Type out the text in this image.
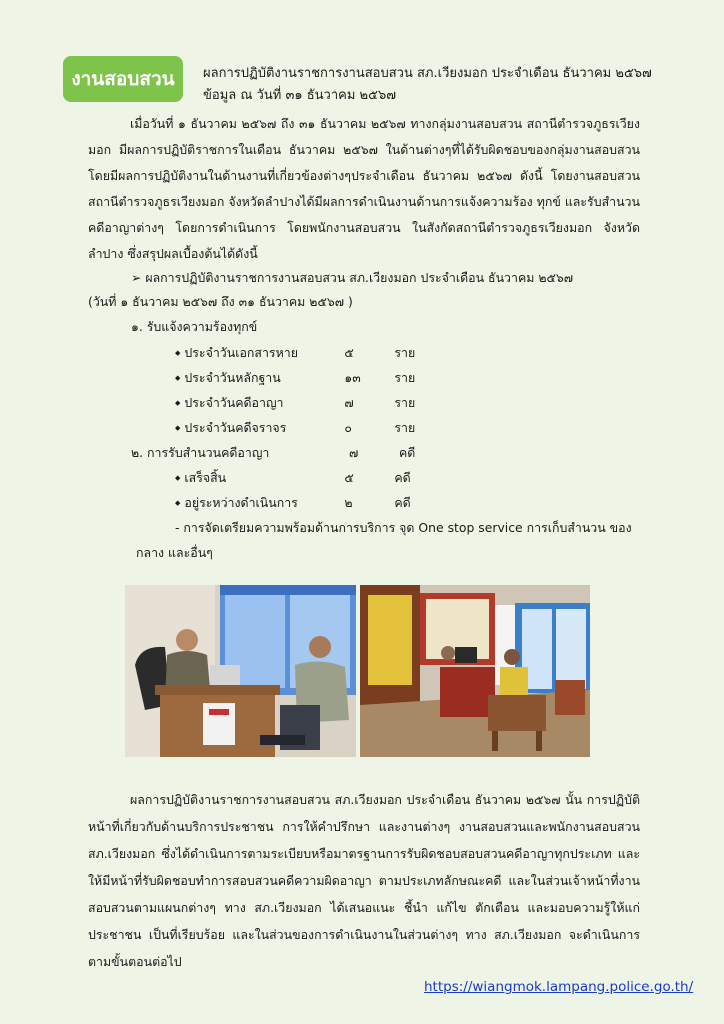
งานสอบสวน	ผลการปฏิบัติงานราชการงานสอบสวน สภ.เวียงมอก ประจำเดือน ธันวาคม ๒๕๖๗
ข้อมูล ณ วันที่ ๓๑ ธันวาคม ๒๕๖๗
เมื่อวันที่ ๑ ธันวาคม ๒๕๖๗ ถึง ๓๑ ธันวาคม ๒๕๖๗ ทางกลุ่มงานสอบสวน สถานีตำรวจภูธรเวียงมอก มีผลการปฏิบัติราชการในเดือน ธันวาคม ๒๕๖๗ ในด้านต่างๆที่ได้รับผิดชอบของกลุ่มงานสอบสวน โดยมีผลการปฏิบัติงานในด้านงานที่เกี่ยวข้องต่างๆประจำเดือน ธันวาคม ๒๕๖๗ ดังนี้ โดยงานสอบสวนสถานีตำรวจภูธรเวียงมอก จังหวัดลำปางได้มีผลการดำเนินงานด้านการแจ้งความร้อง ทุกข์ และรับสำนวนคดีอาญาต่างๆ โดยการดำเนินการ โดยพนักงานสอบสวน ในสังกัดสถานีตำรวจภูธรเวียงมอก จังหวัดลำปาง ซึ่งสรุปผลเบื้องต้นได้ดังนี้
➢ ผลการปฏิบัติงานราชการงานสอบสวน สภ.เวียงมอก ประจำเดือน ธันวาคม ๒๕๖๗
(วันที่ ๑ ธันวาคม ๒๕๖๗ ถึง ๓๑ ธันวาคม ๒๕๖๗ )
๑. รับแจ้งความร้องทุกข์
◆ ประจำวันเอกสารหาย	๕	ราย
◆ ประจำวันหลักฐาน	๑๓	ราย
◆ ประจำวันคดีอาญา	๗	ราย
◆ ประจำวันคดีจราจร	๐	ราย
๒. การรับสำนวนคดีอาญา	๗	คดี
◆ เสร็จสิ้น	๕	คดี
◆ อยู่ระหว่างดำเนินการ	๒	คดี
- การจัดเตรียมความพร้อมด้านการบริการ จุด One stop service การเก็บสำนวน ของ
กลาง และอื่นๆ
ผลการปฏิบัติงานราชการงานสอบสวน สภ.เวียงมอก ประจำเดือน ธันวาคม ๒๕๖๗ นั้น การปฏิบัติหน้าที่เกี่ยวกับด้านบริการประชาชน การให้คำปรึกษา และงานต่างๆ งานสอบสวนและพนักงานสอบสวน สภ.เวียงมอก ซึ่งได้ดำเนินการตามระเบียบหรือมาตรฐานการรับผิดชอบสอบสวนคดีอาญาทุกประเภท และให้มีหน้าที่รับผิดชอบทำการสอบสวนคดีความผิดอาญา ตามประเภทลักษณะคดี และในส่วนเจ้าหน้าที่งานสอบสวนตามแผนกต่างๆ ทาง สภ.เวียงมอก ได้เสนอแนะ ชี้นำ แก้ไข ตักเตือน และมอบความรู้ให้แก่ประชาชน เป็นที่เรียบร้อย และในส่วนของการดำเนินงานในส่วนต่างๆ ทาง สภ.เวียงมอก จะดำเนินการตามขั้นตอนต่อไป
https://wiangmok.lampang.police.go.th/
